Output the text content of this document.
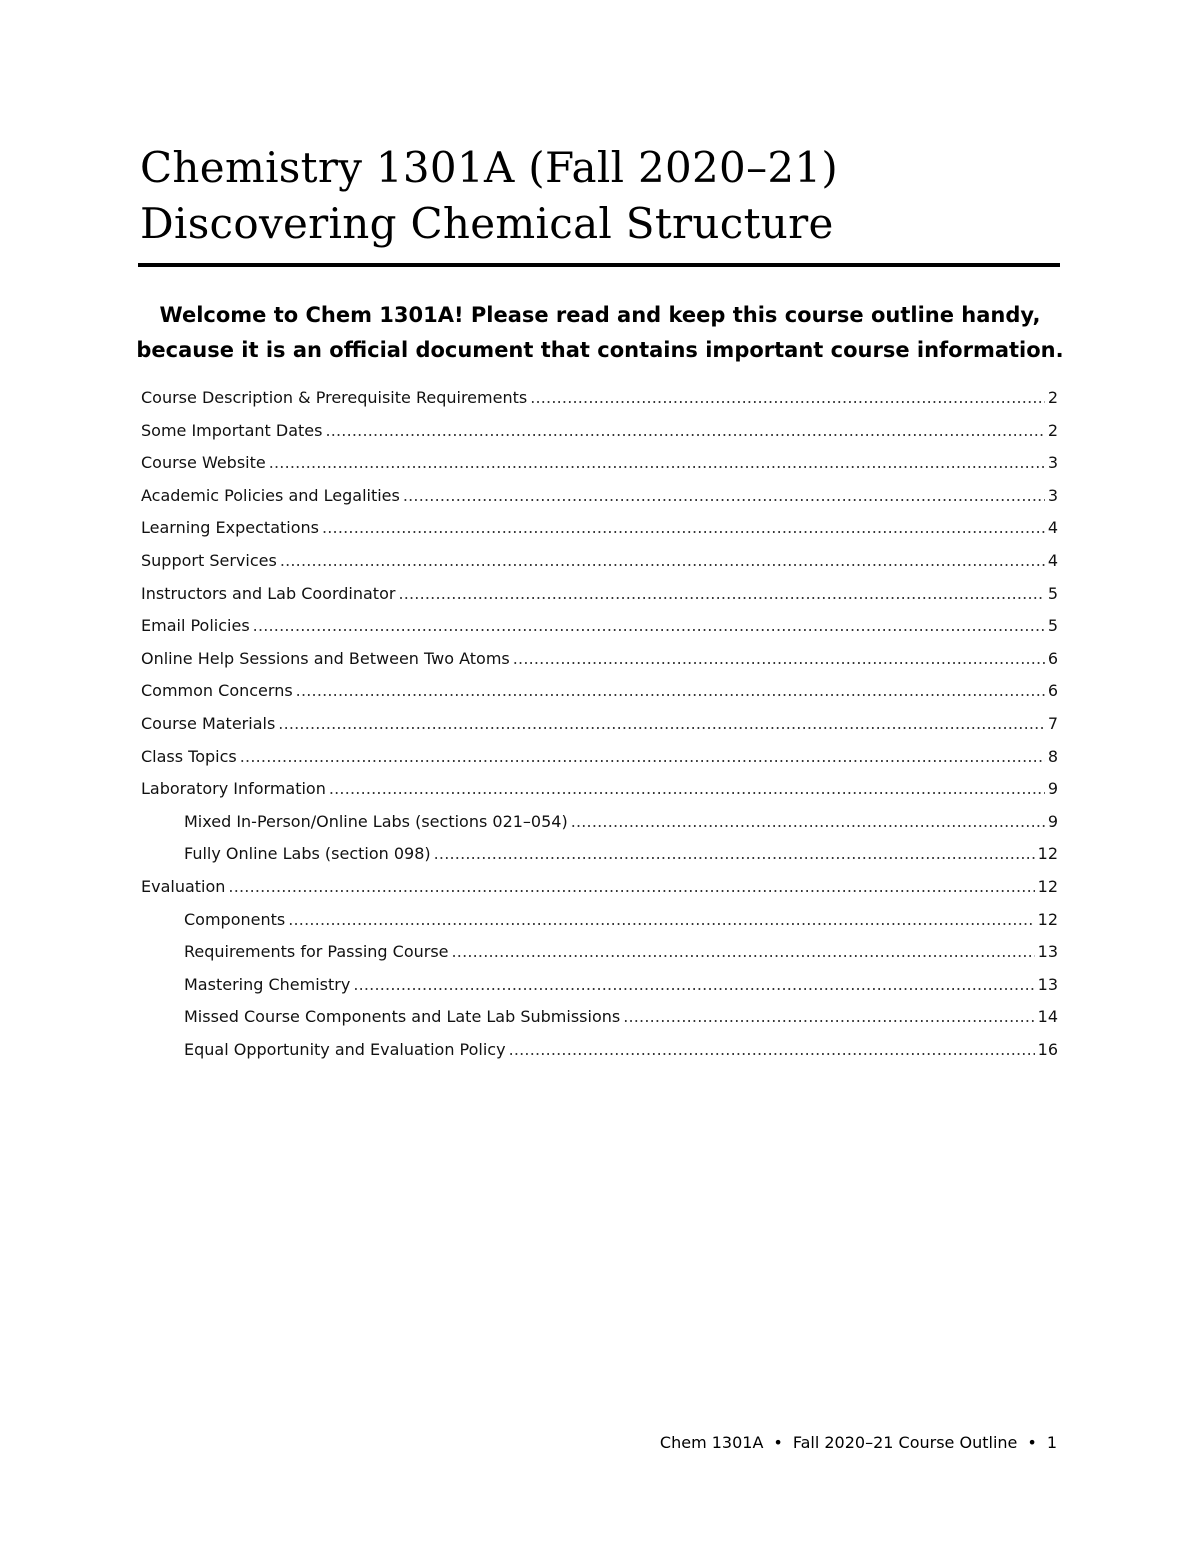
Chemistry 1301A (Fall 2020–21)
Discovering Chemical Structure
Welcome to Chem 1301A! Please read and keep this course outline handy,
because it is an official document that contains important course information.
Course Description & Prerequisite Requirements .....	2
Some Important Dates .....	2
Course Website .....	3
Academic Policies and Legalities .....	3
Learning Expectations .....	4
Support Services .....	4
Instructors and Lab Coordinator .....	5
Email Policies .....	5
Online Help Sessions and Between Two Atoms .....	6
Common Concerns .....	6
Course Materials .....	7
Class Topics .....	8
Laboratory Information .....	9
Mixed In-Person/Online Labs (sections 021–054) .....	9
Fully Online Labs (section 098) .....	12
Evaluation .....	12
Components .....	12
Requirements for Passing Course .....	13
Mastering Chemistry .....	13
Missed Course Components and Late Lab Submissions .....	14
Equal Opportunity and Evaluation Policy .....	16
Chem 1301A • Fall 2020–21 Course Outline • 1
